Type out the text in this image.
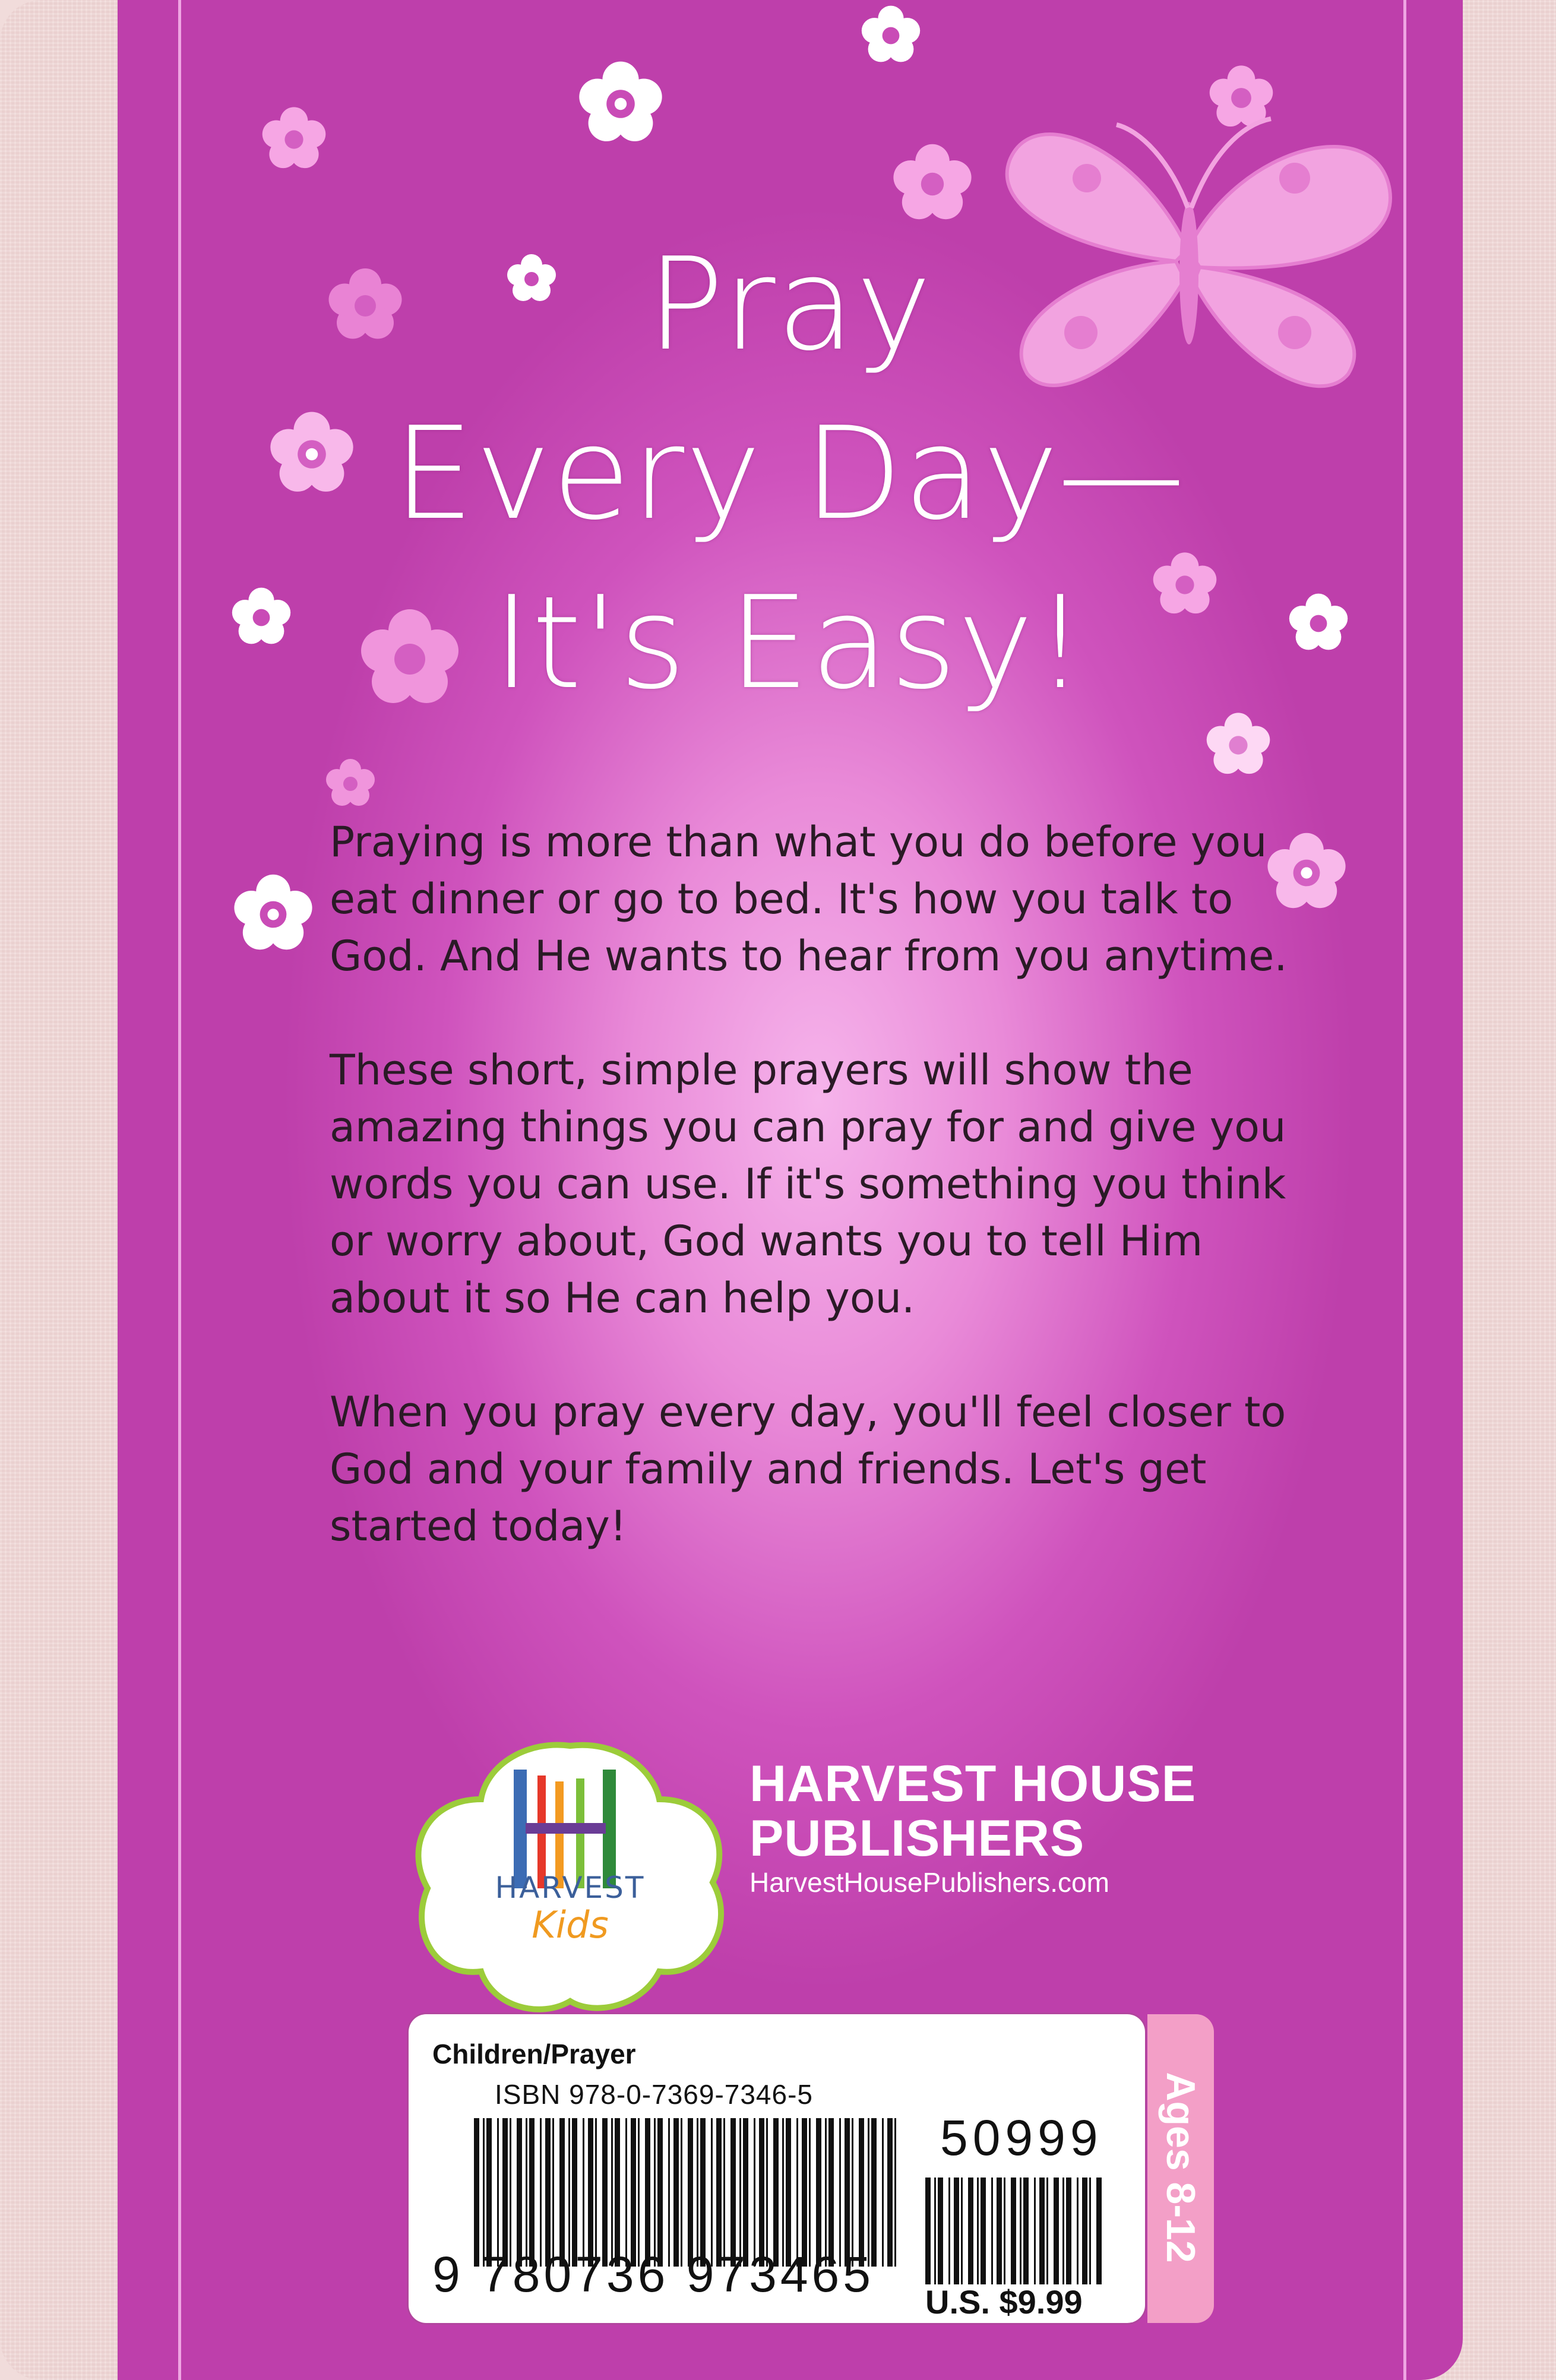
Pray
Every Day—
It's Easy!

Praying is more than what you do before you eat dinner or go to bed. It's how you talk to God. And He wants to hear from you anytime.

These short, simple prayers will show the amazing things you can pray for and give you words you can use. If it's something you think or worry about, God wants you to tell Him about it so He can help you.

When you pray every day, you'll feel closer to God and your family and friends. Let's get started today!

HARVEST
Kids
HARVEST HOUSE
PUBLISHERS
HarvestHousePublishers.com
Children/Prayer
ISBN 978-0-7369-7346-5
9 780736 973465
50999
U.S. $9.99
Ages 8-12
